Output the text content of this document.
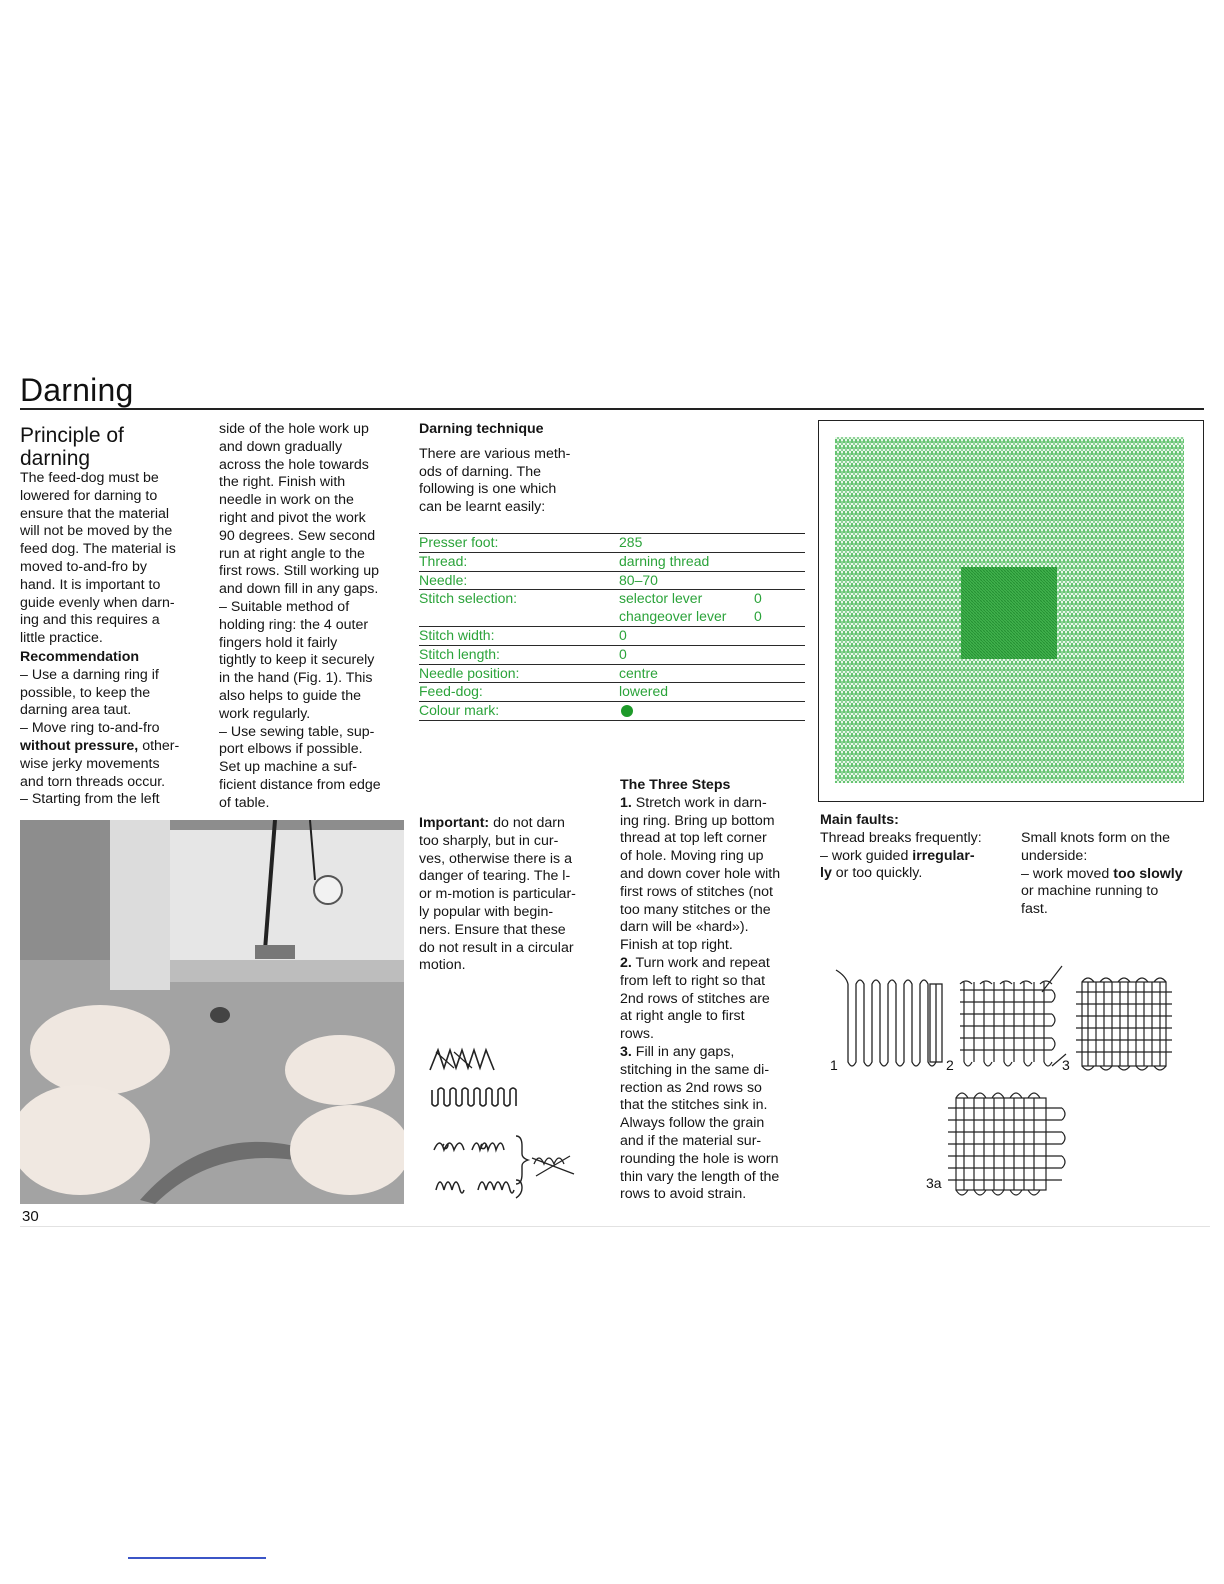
Darning
Principle of
darning
The feed-dog must be
lowered for darning to
ensure that the material
will not be moved by the
feed dog. The material is
moved to-and-fro by
hand. It is important to
guide evenly when darn-
ing and this requires a
little practice.
Recommendation
– Use a darning ring if
possible, to keep the
darning area taut.
– Move ring to-and-fro
without pressure, other-
wise jerky movements
and torn threads occur.
– Starting from the left
side of the hole work up
and down gradually
across the hole towards
the right. Finish with
needle in work on the
right and pivot the work
90 degrees. Sew second
run at right angle to the
first rows. Still working up
and down fill in any gaps.
– Suitable method of
holding ring: the 4 outer
fingers hold it fairly
tightly to keep it securely
in the hand (Fig. 1). This
also helps to guide the
work regularly.
– Use sewing table, sup-
port elbows if possible.
Set up machine a suf-
ficient distance from edge
of table.
Darning technique
There are various meth-
ods of darning. The
following is one which
can be learnt easily:
Presser foot:	285
Thread:	darning thread
Needle:	80–70
Stitch selection:	selector lever	0
changeover lever 0
Stitch width:	0
Stitch length:	0
Needle position:	centre
Feed-dog:	lowered
Colour mark:
Important: do not darn
too sharply, but in cur-
ves, otherwise there is a
danger of tearing. The l-
or m-motion is particular-
ly popular with begin-
ners. Ensure that these
do not result in a circular
motion.
The Three Steps
1. Stretch work in darn-
ing ring. Bring up bottom
thread at top left corner
of hole. Moving ring up
and down cover hole with
first rows of stitches (not
too many stitches or the
darn will be «hard»).
Finish at top right.
2. Turn work and repeat
from left to right so that
2nd rows of stitches are
at right angle to first
rows.
3. Fill in any gaps,
stitching in the same di-
rection as 2nd rows so
that the stitches sink in.
Always follow the grain
and if the material sur-
rounding the hole is worn
thin vary the length of the
rows to avoid strain.
Main faults:
Thread breaks frequently:
– work guided irregular-
ly or too quickly.
Small knots form on the
underside:
– work moved too slowly
or machine running to
fast.
1	2	3
3a
30
